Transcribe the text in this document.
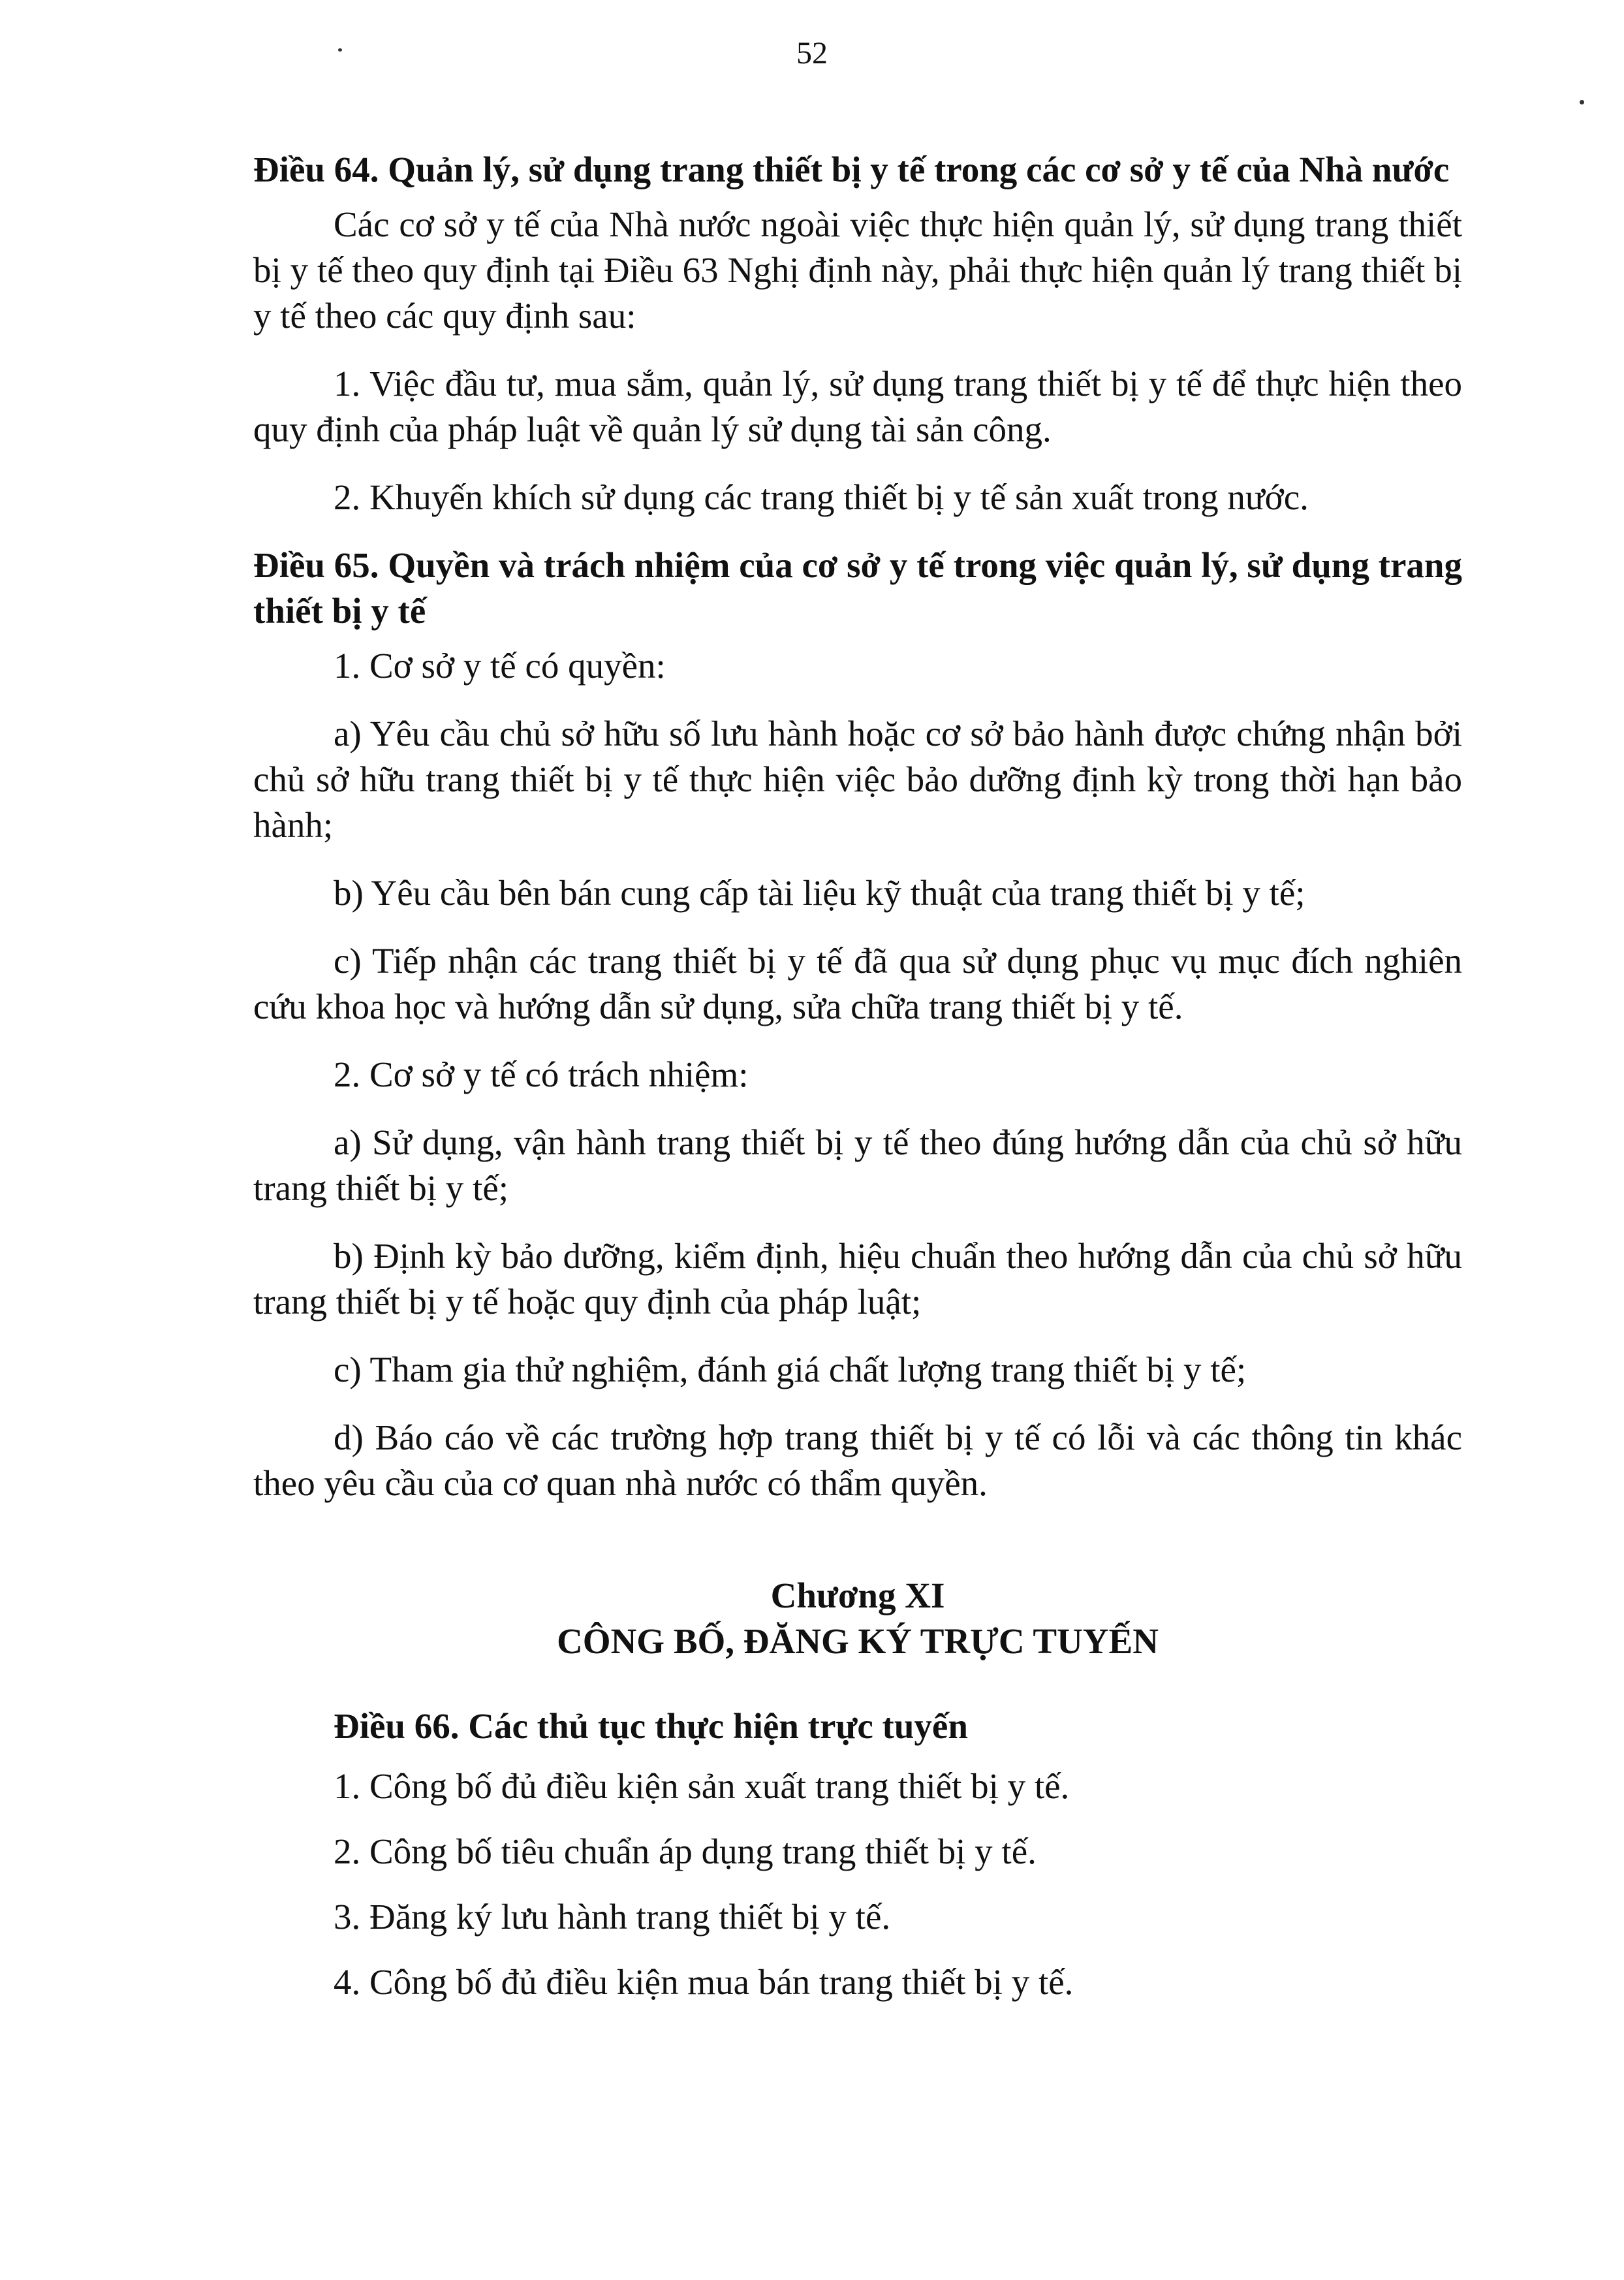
52
Điều 64. Quản lý, sử dụng trang thiết bị y tế trong các cơ sở y tế của Nhà nước

Các cơ sở y tế của Nhà nước ngoài việc thực hiện quản lý, sử dụng trang thiết bị y tế theo quy định tại Điều 63 Nghị định này, phải thực hiện quản lý trang thiết bị y tế theo các quy định sau:

1. Việc đầu tư, mua sắm, quản lý, sử dụng trang thiết bị y tế để thực hiện theo quy định của pháp luật về quản lý sử dụng tài sản công.

2. Khuyến khích sử dụng các trang thiết bị y tế sản xuất trong nước.

Điều 65. Quyền và trách nhiệm của cơ sở y tế trong việc quản lý, sử dụng trang thiết bị y tế

1. Cơ sở y tế có quyền:

a) Yêu cầu chủ sở hữu số lưu hành hoặc cơ sở bảo hành được chứng nhận bởi chủ sở hữu trang thiết bị y tế thực hiện việc bảo dưỡng định kỳ trong thời hạn bảo hành;

b) Yêu cầu bên bán cung cấp tài liệu kỹ thuật của trang thiết bị y tế;

c) Tiếp nhận các trang thiết bị y tế đã qua sử dụng phục vụ mục đích nghiên cứu khoa học và hướng dẫn sử dụng, sửa chữa trang thiết bị y tế.

2. Cơ sở y tế có trách nhiệm:

a) Sử dụng, vận hành trang thiết bị y tế theo đúng hướng dẫn của chủ sở hữu trang thiết bị y tế;

b) Định kỳ bảo dưỡng, kiểm định, hiệu chuẩn theo hướng dẫn của chủ sở hữu trang thiết bị y tế hoặc quy định của pháp luật;

c) Tham gia thử nghiệm, đánh giá chất lượng trang thiết bị y tế;

d) Báo cáo về các trường hợp trang thiết bị y tế có lỗi và các thông tin khác theo yêu cầu của cơ quan nhà nước có thẩm quyền.

Chương XI
CÔNG BỐ, ĐĂNG KÝ TRỰC TUYẾN
Điều 66. Các thủ tục thực hiện trực tuyến

1. Công bố đủ điều kiện sản xuất trang thiết bị y tế.

2. Công bố tiêu chuẩn áp dụng trang thiết bị y tế.

3. Đăng ký lưu hành trang thiết bị y tế.

4. Công bố đủ điều kiện mua bán trang thiết bị y tế.
